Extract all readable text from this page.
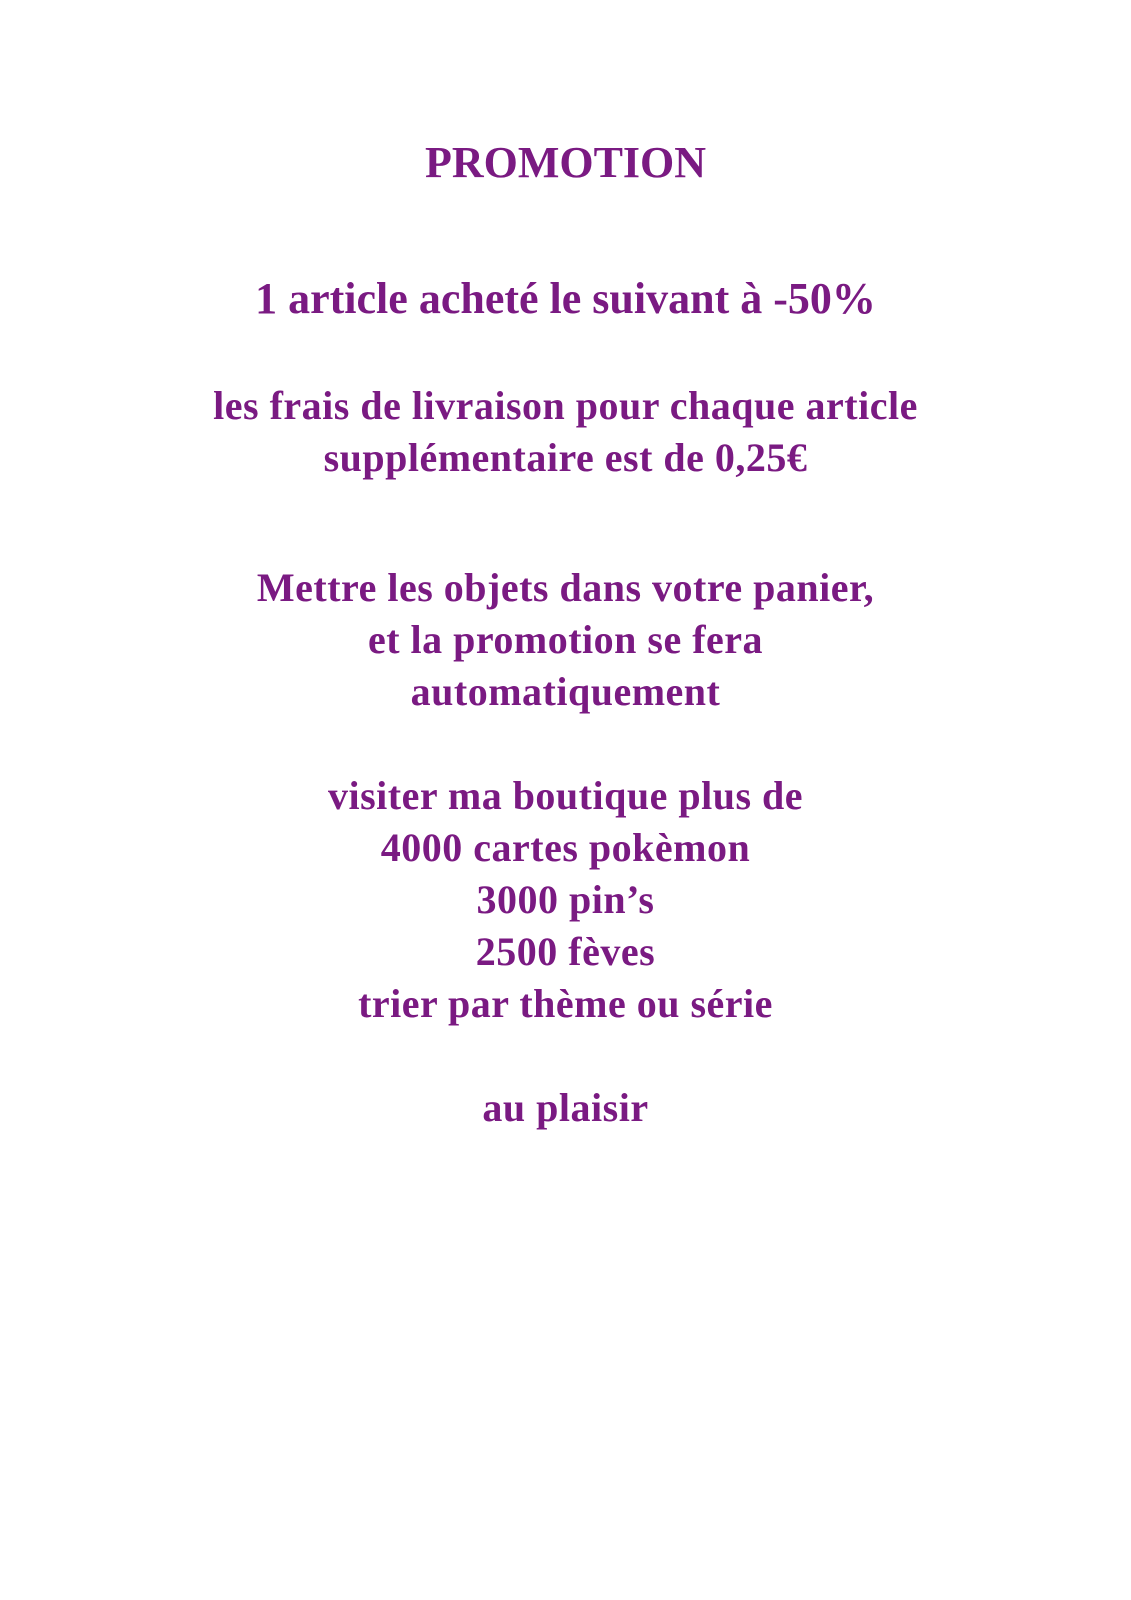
PROMOTION

1 article acheté le suivant à -50%

les frais de livraison pour chaque article

supplémentaire est de 0,25€

Mettre les objets dans votre panier,

et la promotion se fera

automatiquement

visiter ma boutique plus de

4000 cartes pokèmon

3000 pin’s

2500 fèves

trier par thème ou série

au plaisir
